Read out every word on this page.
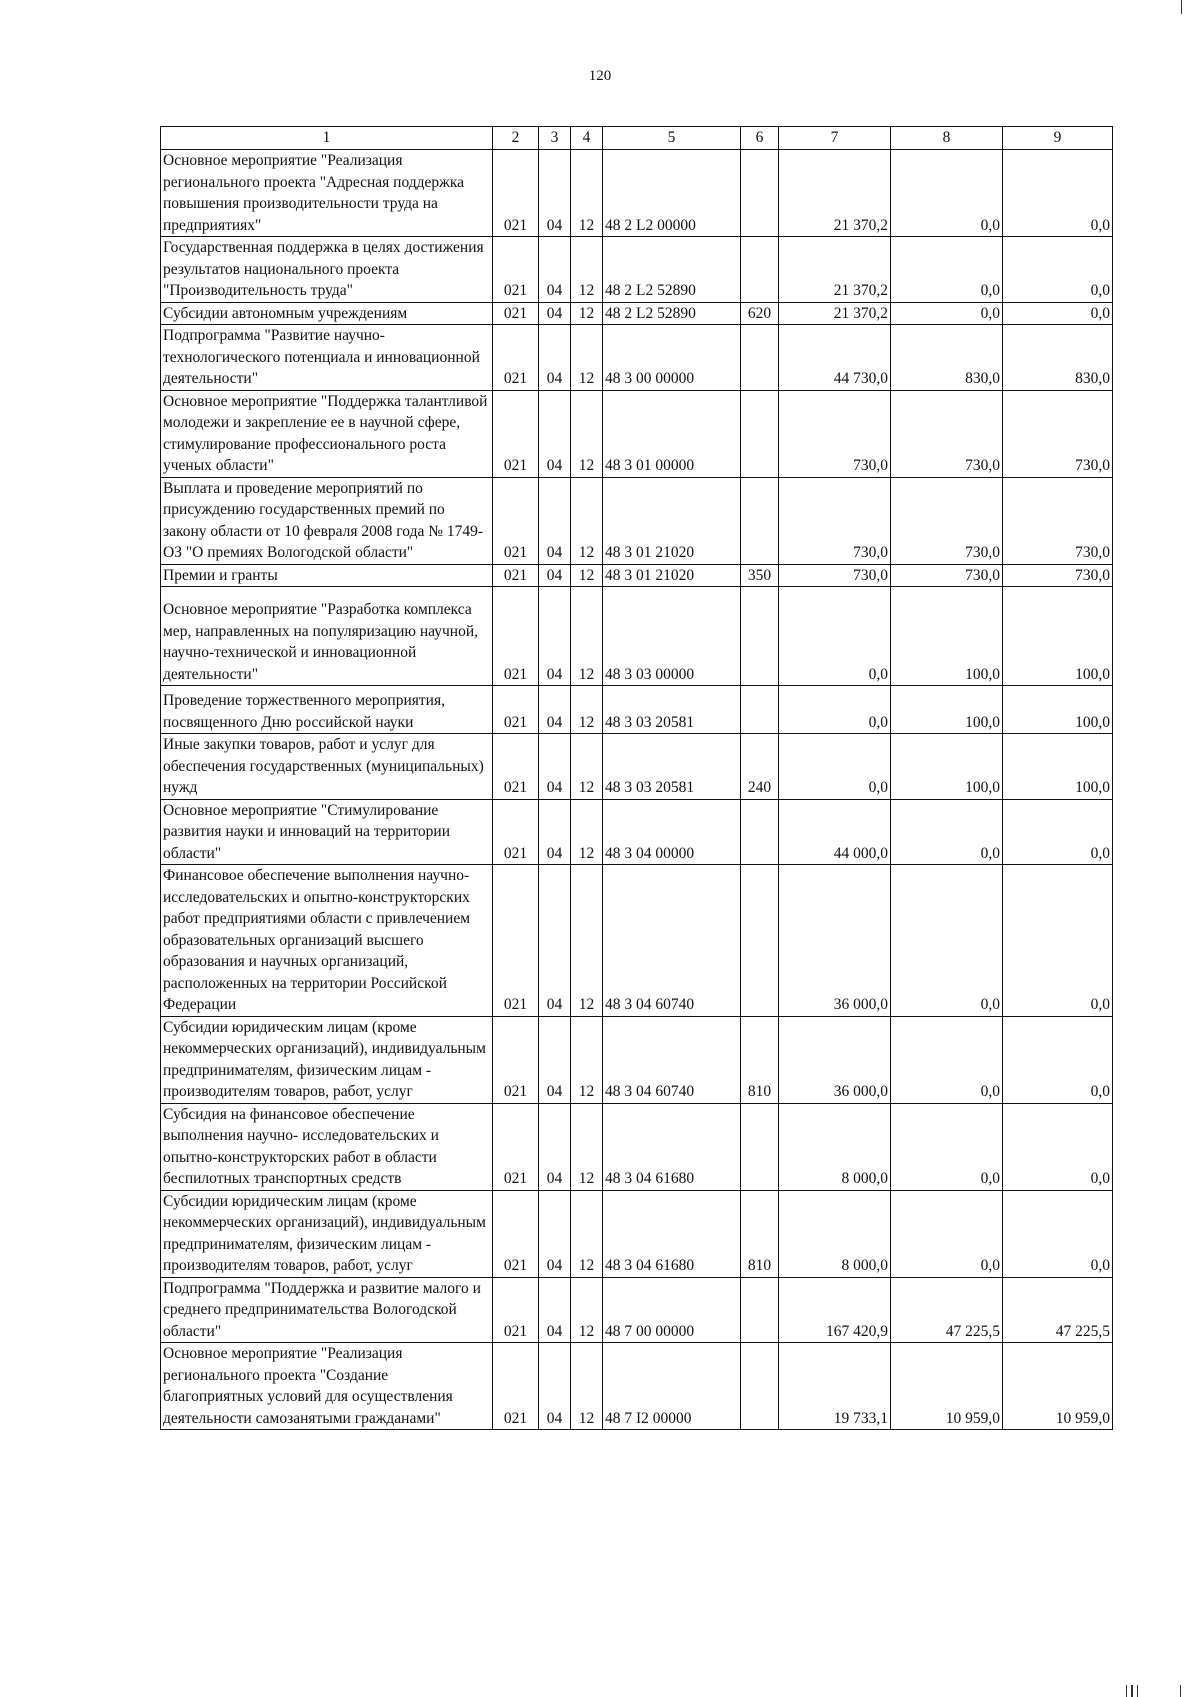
120
1	2	3	4	5	6	7	8	9
Основное мероприятие "Реализация регионального проекта "Адресная поддержка повышения производительности труда на предприятиях"	021	04	12	48 2 L2 00000		21 370,2	0,0	0,0
Государственная поддержка в целях достижения результатов национального проекта "Производительность труда"	021	04	12	48 2 L2 52890		21 370,2	0,0	0,0
Субсидии автономным учреждениям	021	04	12	48 2 L2 52890	620	21 370,2	0,0	0,0
Подпрограмма "Развитие научно-технологического потенциала и инновационной деятельности"	021	04	12	48 3 00 00000		44 730,0	830,0	830,0
Основное мероприятие "Поддержка талантливой молодежи и закрепление ее в научной сфере, стимулирование профессионального роста ученых области"	021	04	12	48 3 01 00000		730,0	730,0	730,0
Выплата и проведение мероприятий по присуждению государственных премий по закону области от 10 февраля 2008 года № 1749-ОЗ "О премиях Вологодской области"	021	04	12	48 3 01 21020		730,0	730,0	730,0
Премии и гранты	021	04	12	48 3 01 21020	350	730,0	730,0	730,0
Основное мероприятие "Разработка комплекса мер, направленных на популяризацию научной, научно-технической и инновационной деятельности"	021	04	12	48 3 03 00000		0,0	100,0	100,0
Проведение торжественного мероприятия, посвященного Дню российской науки	021	04	12	48 3 03 20581		0,0	100,0	100,0
Иные закупки товаров, работ и услуг для обеспечения государственных (муниципальных) нужд	021	04	12	48 3 03 20581	240	0,0	100,0	100,0
Основное мероприятие "Стимулирование развития науки и инноваций на территории области"	021	04	12	48 3 04 00000		44 000,0	0,0	0,0
Финансовое обеспечение выполнения научно-исследовательских и опытно-конструкторских работ предприятиями области с привлечением образовательных организаций высшего образования и научных организаций, расположенных на территории Российской Федерации	021	04	12	48 3 04 60740		36 000,0	0,0	0,0
Субсидии юридическим лицам (кроме некоммерческих организаций), индивидуальным предпринимателям, физическим лицам - производителям товаров, работ, услуг	021	04	12	48 3 04 60740	810	36 000,0	0,0	0,0
Субсидия на финансовое обеспечение выполнения научно- исследовательских и опытно-конструкторских работ в области беспилотных транспортных средств	021	04	12	48 3 04 61680		8 000,0	0,0	0,0
Субсидии юридическим лицам (кроме некоммерческих организаций), индивидуальным предпринимателям, физическим лицам - производителям товаров, работ, услуг	021	04	12	48 3 04 61680	810	8 000,0	0,0	0,0
Подпрограмма "Поддержка и развитие малого и среднего предпринимательства Вологодской области"	021	04	12	48 7 00 00000		167 420,9	47 225,5	47 225,5
Основное мероприятие "Реализация регионального проекта "Создание благоприятных условий для осуществления деятельности самозанятыми гражданами"	021	04	12	48 7 I2 00000		19 733,1	10 959,0	10 959,0
